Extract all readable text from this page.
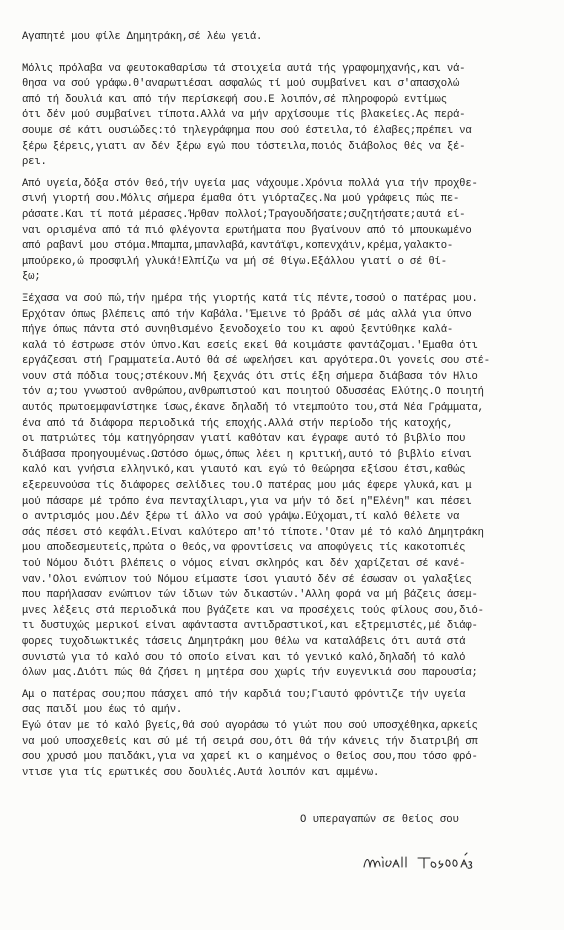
Αγαπητέ μου φίλε Δημητράκη,σέ λέω γειά.
Μόλις πρόλαβα να φευτοκαθαρίσω τά στοιχεία αυτά τής γραφομηχανής,και νά-
θησα να σού γράφω.θ'αναρωτιέσαι ασφαλώς τί μού συμβαίνει και σ'απασχολώ
από τή δουλιά και από τήν περίσκεφή σου.Ε λοιπόν,σέ πληροφορώ εντίμως
ότι δέν μού συμβαίνει τίποτα.Αλλά να μήν αρχίσουμε τίς βλακείες.Ας περά-
σουμε σέ κάτι ουσιώδες:τό τηλεγράφημα που σού έστειλα,τό έλαβες;πρέπει να
ξέρω ξέρεις,γιατι αν δέν ξέρω εγώ που τόστειλα,ποιός διάβολος θές να ξέ-
ρει.
Από υγεία,δόξα στόν θεό,τήν υγεία μας νάχουμε.Χρόνια πολλά για τήν προχθε-
σινή γιορτή σου.Μόλις σήμερα έμαθα ότι γιόρταζες.Να μού γράφεις πώς πε-
ράσατε.Και τί ποτά μέρασες.Ήρθαν πολλοί;Τραγουδήσατε;συζητήσατε;αυτά εί-
ναι ορισμένα από τά πιό φλέγοντα ερωτήματα που βγαίνουν από τό μπουκωμένο
από ραβανί μου στόμα.Μπαμπα,μπανλαβά,καντάϊφι,κοπενχάιν,κρέμα,γαλακτο-
μπούρεκο,ώ προσφιλή γλυκά!Ελπίζω να μή σέ θίγω.Εξάλλου γιατί ο σέ θί-
ξω;
Ξέχασα να σού πώ,τήν ημέρα τής γιορτής κατά τίς πέντε,τοσού ο πατέρας μου.
Ερχόταν όπως βλέπεις από τήν Καβάλα.'Έμεινε τό βράδι σέ μάς αλλά για ύπνο
πήγε όπως πάντα στό συνηθισμένο ξενοδοχείο του κι αφού ξεντύθηκε καλά-
καλά τό έστρωσε στόν ύπνο.Και εσείς εκεί θά κοιμάστε φαντάζομαι.'Εμαθα ότι
εργάζεσαι στή Γραμματεία.Αυτό θά σέ ωφελήσει και αργότερα.Οι γονείς σου στέ-
νουν στά πόδια τους;στέκουν.Μή ξεχνάς ότι στίς έξη σήμερα διάβασα τόν Ηλιο
τόν α;του γνωστού ανθρώπου,ανθρωπιστού και ποιητού Οδυσσέας Ελύτης.Ο ποιητή
αυτός πρωτοεμφανίστηκε ίσως,έκανε δηλαδή τό ντεμπούτο του,στά Νέα Γράμματα,
ένα από τά διάφορα περιοδικά τής εποχής.Αλλά στήν περίοδο τής κατοχής,
οι πατριώτες τόμ κατηγόρησαν γιατί καθόταν και έγραφε αυτό τό βιβλίο που
διάβασα προηγουμένως.Ωστόσο όμως,όπως λέει η κριτική,αυτό τό βιβλίο είναι
καλό και γνήσια ελληνικό,και γιαυτό και εγώ τό θεώρησα εξίσου έτσι,καθώς
εξερευνούσα τίς διάφορες σελίδιες του.Ο πατέρας μου μάς έφερε γλυκά,και μ
μού πάσαρε μέ τρόπο ένα πενταχίλιαρι,για να μήν τό δεί η"Ελένη" και πέσει
ο αντρισμός μου.Δέν ξέρω τί άλλο να σού γράψω.Εύχομαι,τί καλό θέλετε να
σάς πέσει στό κεφάλι.Είναι καλύτερο απ'τό τίποτε.'Οταν μέ τό καλό Δημητράκη
μου αποδεσμευτείς,πρώτα ο θεός,να φροντίσεις να αποφύγεις τίς κακοτοπιές
τού Νόμου διότι βλέπεις ο νόμος είναι σκληρός και δέν χαρίζεται σέ κανέ-
ναν.'Ολοι ενώπιον τού Νόμου είμαστε ίσοι γιαυτό δέν σέ έσωσαν οι γαλαξίες
που παρήλασαν ενώπιον τών ίδιων τών δικαστών.'Αλλη φορά να μή βάζεις άσεμ-
μνες λέξεις στά περιοδικά που βγάζετε και να προσέχεις τούς φίλους σου,διό-
τι δυστυχώς μερικοί είναι αφάνταστα αντιδραστικοί,και εξτρεμιστές,μέ διάφ-
φορες τυχοδιωκτικές τάσεις Δημητράκη μου θέλω να καταλάβεις ότι αυτά στά
συνιστώ για τό καλό σου τό οποίο είναι και τό γενικό καλό,δηλαδή τό καλό
όλων μας.Διότι πώς θά ζήσει η μητέρα σου χωρίς τήν ευγενικιά σου παρουσία;
Αμ ο πατέρας σου;που πάσχει από τήν καρδιά του;Γιαυτό φρόντιζε τήν υγεία
σας παιδί μου έως τό αμήν.
Εγώ όταν με τό καλό βγείς,θά σού αγοράσω τό γιώτ που σού υποσχέθηκα,αρκείς
να μού υποσχεθείς και σύ μέ τή σειρά σου,ότι θά τήν κάνεις τήν διατριβή σπ
σου χρυσό μου παιδάκι,για να χαρεί κι ο καημένος ο θείος σου,που τόσο φρό-
ντισε για τίς ερωτικές σου δουλιές.Αυτά λοιπόν και αμμένω.
Ο υπεραγαπών σε θείος σου
